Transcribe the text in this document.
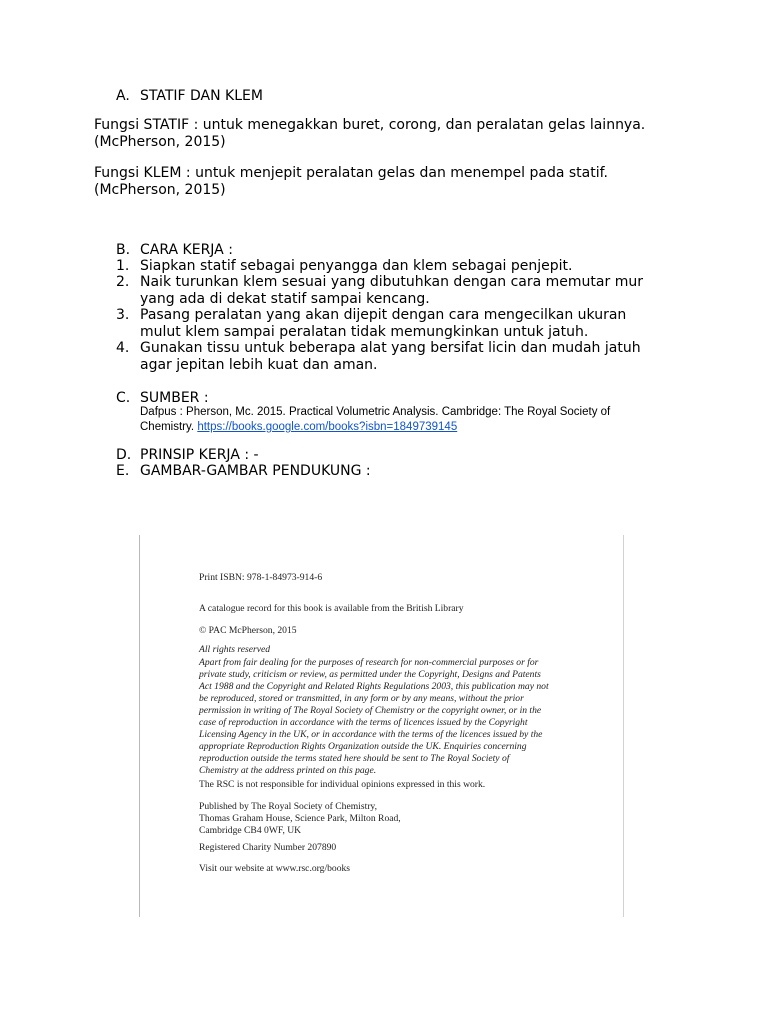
A. STATIF DAN KLEM
Fungsi STATIF : untuk menegakkan buret, corong, dan peralatan gelas lainnya.
(McPherson, 2015)
Fungsi KLEM : untuk menjepit peralatan gelas dan menempel pada statif.
(McPherson, 2015)
B. CARA KERJA :
1. Siapkan statif sebagai penyangga dan klem sebagai penjepit.
2. Naik turunkan klem sesuai yang dibutuhkan dengan cara memutar mur
yang ada di dekat statif sampai kencang.
3. Pasang peralatan yang akan dijepit dengan cara mengecilkan ukuran
mulut klem sampai peralatan tidak memungkinkan untuk jatuh.
4. Gunakan tissu untuk beberapa alat yang bersifat licin dan mudah jatuh
agar jepitan lebih kuat dan aman.
C. SUMBER :
Dafpus : Pherson, Mc. 2015. Practical Volumetric Analysis. Cambridge: The Royal Society of
Chemistry. https://books.google.com/books?isbn=1849739145
D. PRINSIP KERJA : -
E. GAMBAR-GAMBAR PENDUKUNG :
Print ISBN: 978-1-84973-914-6
A catalogue record for this book is available from the British Library
© PAC McPherson, 2015
All rights reserved
Apart from fair dealing for the purposes of research for non-commercial purposes or for
private study, criticism or review, as permitted under the Copyright, Designs and Patents
Act 1988 and the Copyright and Related Rights Regulations 2003, this publication may not
be reproduced, stored or transmitted, in any form or by any means, without the prior
permission in writing of The Royal Society of Chemistry or the copyright owner, or in the
case of reproduction in accordance with the terms of licences issued by the Copyright
Licensing Agency in the UK, or in accordance with the terms of the licences issued by the
appropriate Reproduction Rights Organization outside the UK. Enquiries concerning
reproduction outside the terms stated here should be sent to The Royal Society of
Chemistry at the address printed on this page.
The RSC is not responsible for individual opinions expressed in this work.
Published by The Royal Society of Chemistry,
Thomas Graham House, Science Park, Milton Road,
Cambridge CB4 0WF, UK
Registered Charity Number 207890
Visit our website at www.rsc.org/books
